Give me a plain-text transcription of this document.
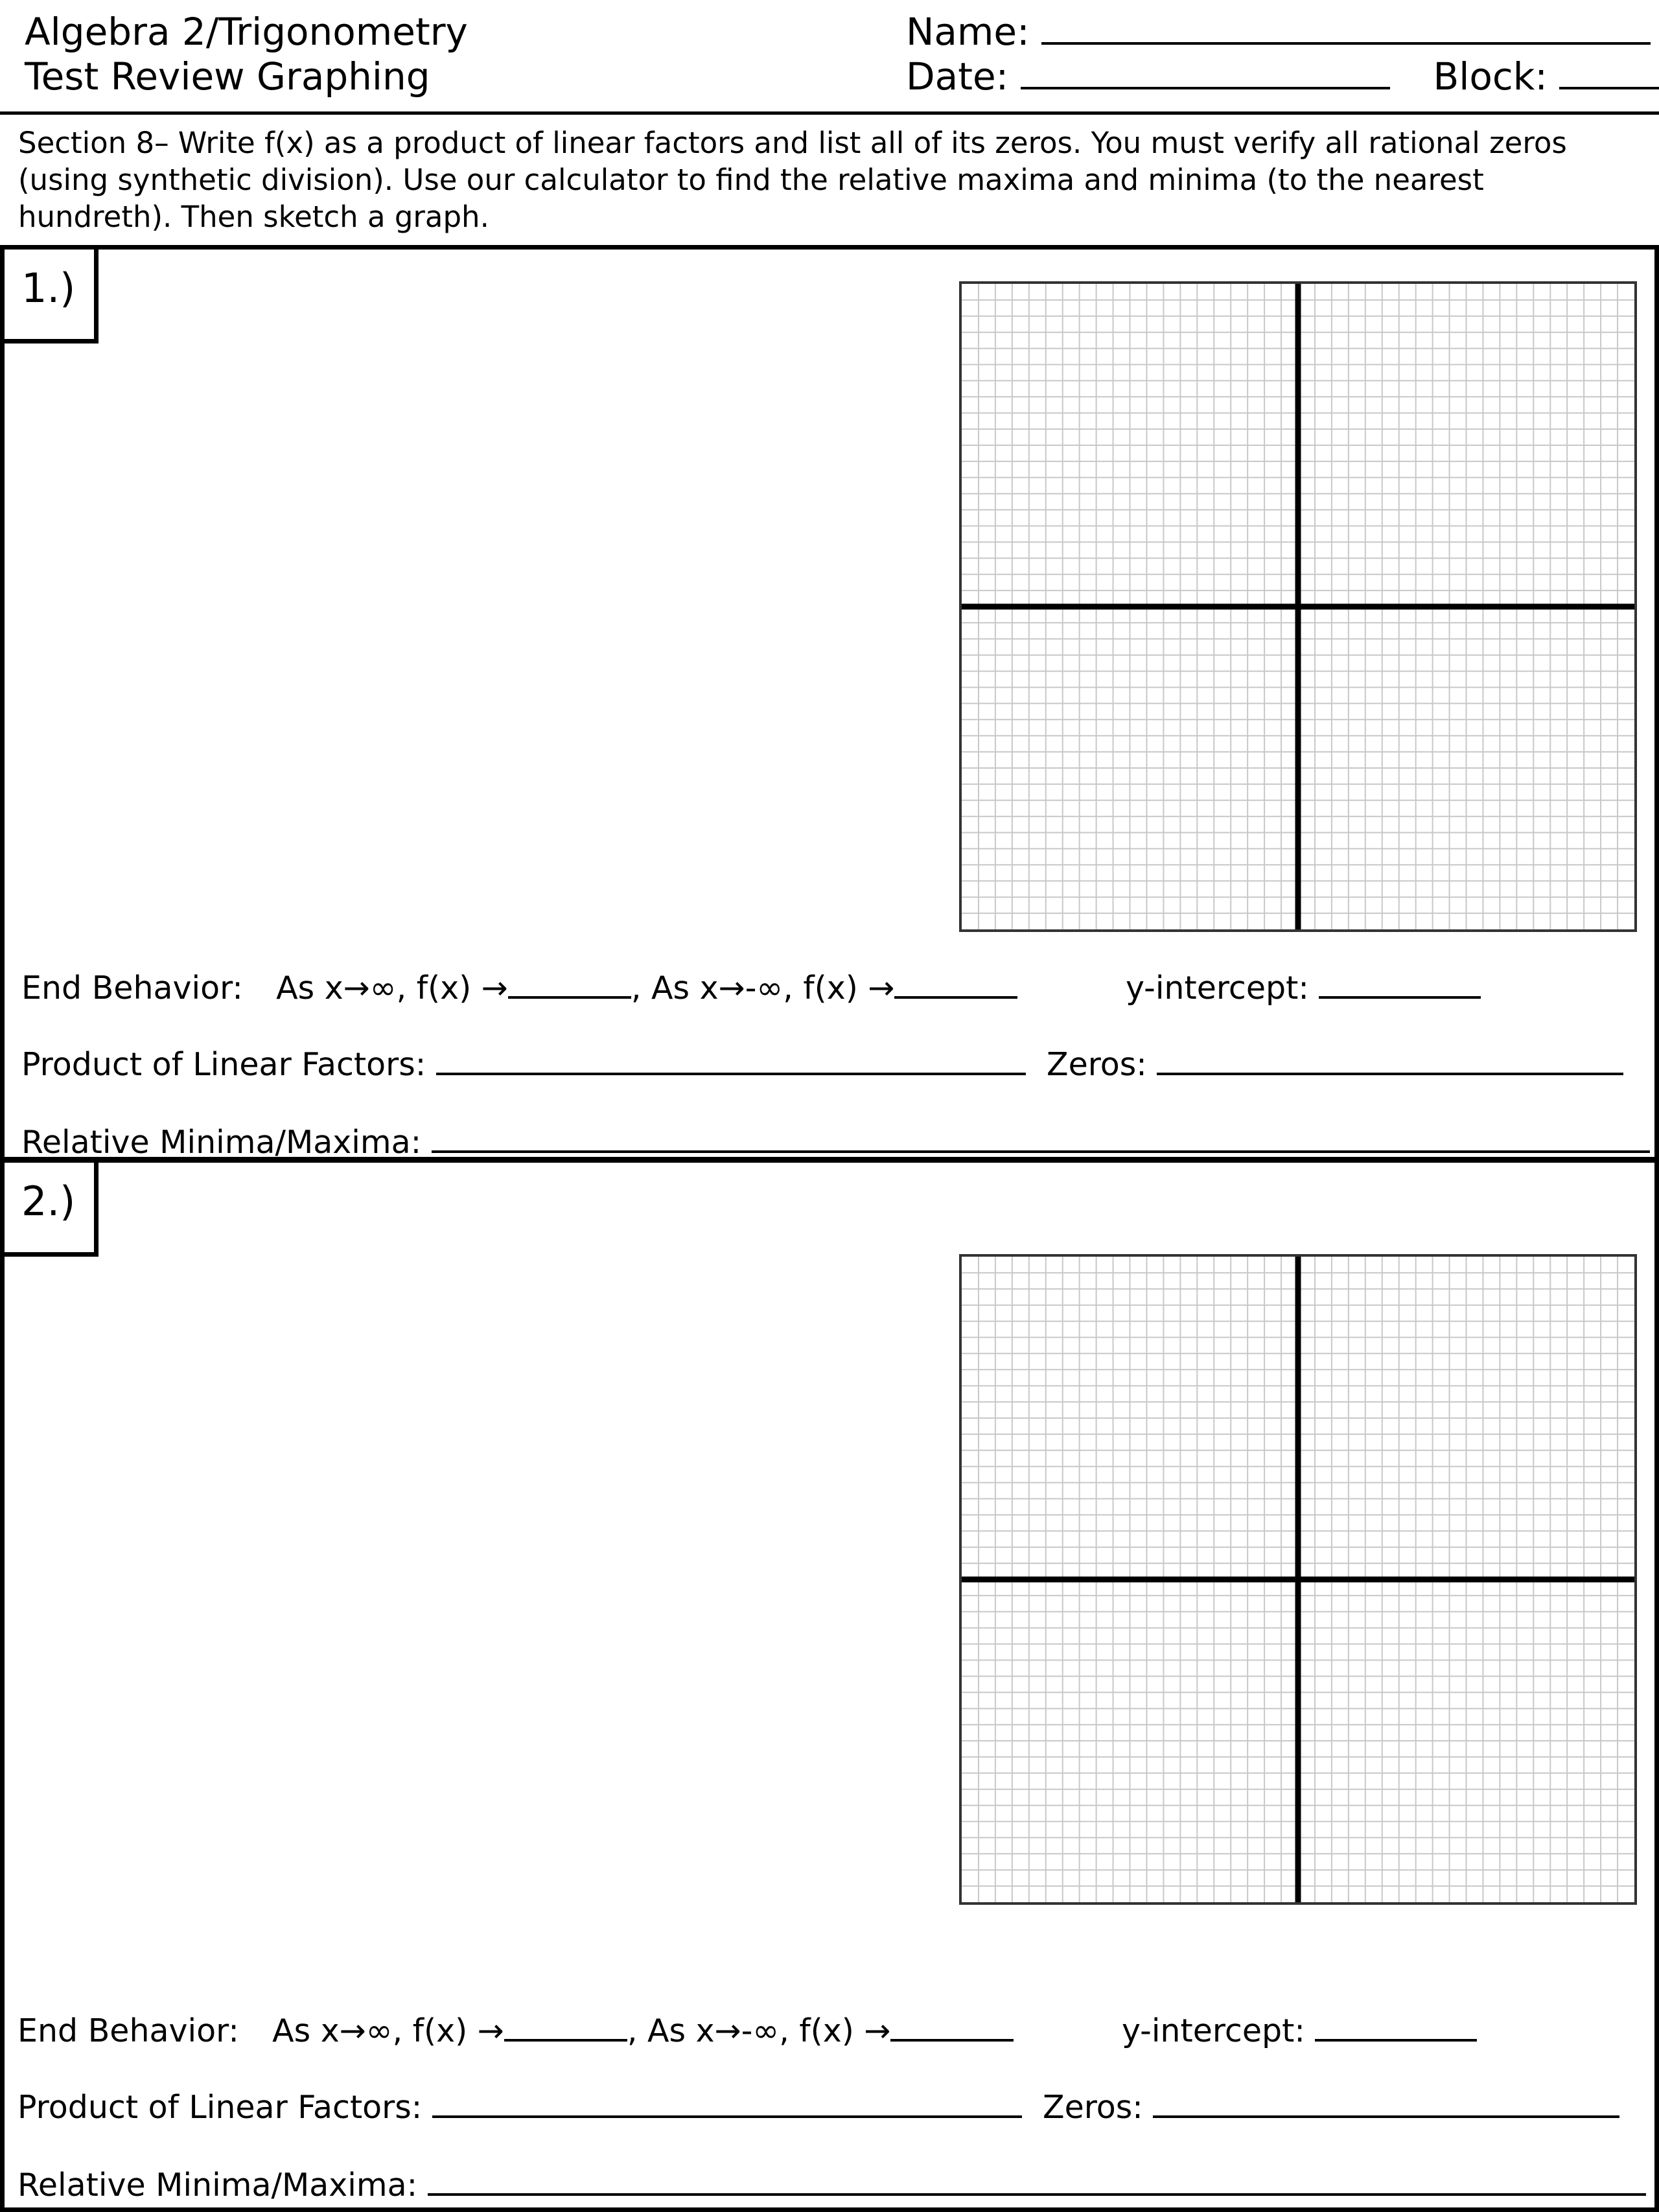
Algebra 2/Trigonometry
Test Review Graphing
Name:
Date:	Block:
Section 8– Write f(x) as a product of linear factors and list all of its zeros. You must verify all rational zeros (using synthetic division). Use our calculator to find the relative maxima and minima (to the nearest hundreth). Then sketch a graph.
1.)
End Behavior: As x→∞, f(x) →	, As x→-∞, f(x) →	y-intercept:
Product of Linear Factors:	Zeros:
Relative Minima/Maxima:
2.)
End Behavior: As x→∞, f(x) →	, As x→-∞, f(x) →	y-intercept:
Product of Linear Factors:	Zeros:
Relative Minima/Maxima:
